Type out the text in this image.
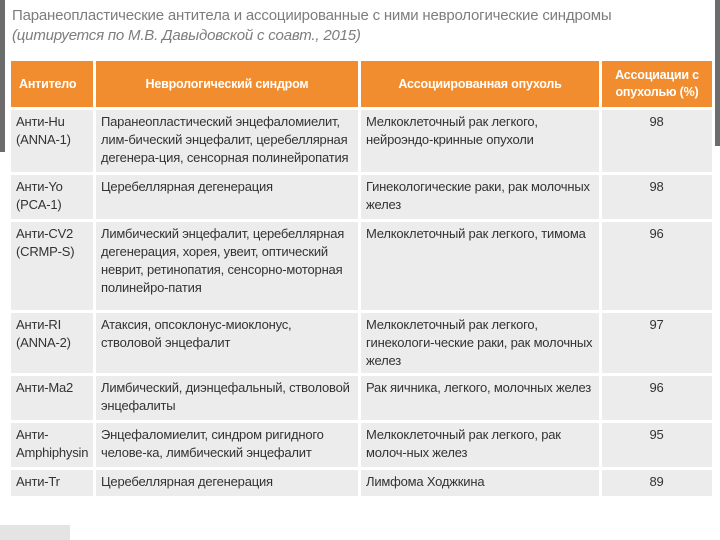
Паранеопластические антитела и ассоциированные с ними неврологические синдромы
(цитируется по М.В. Давыдовской с соавт., 2015)
Антитело	Неврологический синдром	Ассоциированная опухоль	Ассоциации с опухолью (%)
Анти-Hu (ANNA-1)	Паранеопластический энцефаломиелит, лим-бический энцефалит, церебеллярная дегенера-ция, сенсорная полинейропатия	Мелкоклеточный рак легкого, нейроэндо-кринные опухоли	98
Анти-Yo (PCA-1)	Церебеллярная дегенерация	Гинекологические раки, рак молочных желез	98
Анти-CV2 (CRMP-S)	Лимбический энцефалит, церебеллярная дегенерация, хорея, увеит, оптический неврит, ретинопатия, сенсорно-моторная полинейро-патия	Мелкоклеточный рак легкого, тимома	96
Анти-RI (ANNA-2)	Атаксия, опсоклонус-миоклонус, стволовой энцефалит	Мелкоклеточный рак легкого, гинекологи-ческие раки, рак молочных желез	97
Анти-Ma2	Лимбический, диэнцефальный, стволовой энцефалиты	Рак яичника, легкого, молочных желез	96
Анти-Amphiphysin	Энцефаломиелит, синдром ригидного челове-ка, лимбический энцефалит	Мелкоклеточный рак легкого, рак молоч-ных желез	95
Анти-Tr	Церебеллярная дегенерация	Лимфома Ходжкина	89
